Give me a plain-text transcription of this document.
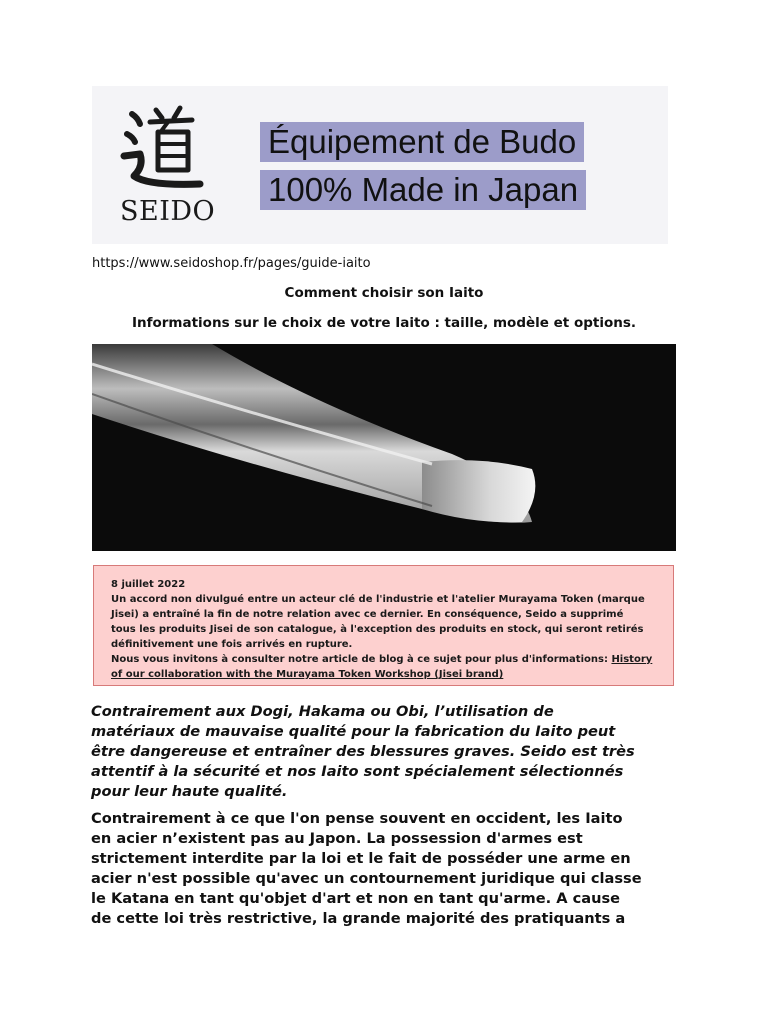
SEIDO
Équipement de Budo
100% Made in Japan
https://www.seidoshop.fr/pages/guide-iaito
Comment choisir son Iaito
Informations sur le choix de votre Iaito : taille, modèle et options.

8 juillet 2022

Un accord non divulgué entre un acteur clé de l'industrie et l'atelier Murayama Token (marque

Jisei) a entraîné la fin de notre relation avec ce dernier. En conséquence, Seido a supprimé

tous les produits Jisei de son catalogue, à l'exception des produits en stock, qui seront retirés

définitivement une fois arrivés en rupture.

Nous vous invitons à consulter notre article de blog à ce sujet pour plus d'informations: History

of our collaboration with the Murayama Token Workshop (Jisei brand)

Contrairement aux Dogi, Hakama ou Obi, l’utilisation de
matériaux de mauvaise qualité pour la fabrication du Iaito peut
être dangereuse et entraîner des blessures graves. Seido est très
attentif à la sécurité et nos Iaito sont spécialement sélectionnés
pour leur haute qualité.
Contrairement à ce que l'on pense souvent en occident, les Iaito
en acier n’existent pas au Japon. La possession d'armes est
strictement interdite par la loi et le fait de posséder une arme en
acier n'est possible qu'avec un contournement juridique qui classe
le Katana en tant qu'objet d'art et non en tant qu'arme. A cause
de cette loi très restrictive, la grande majorité des pratiquants a
